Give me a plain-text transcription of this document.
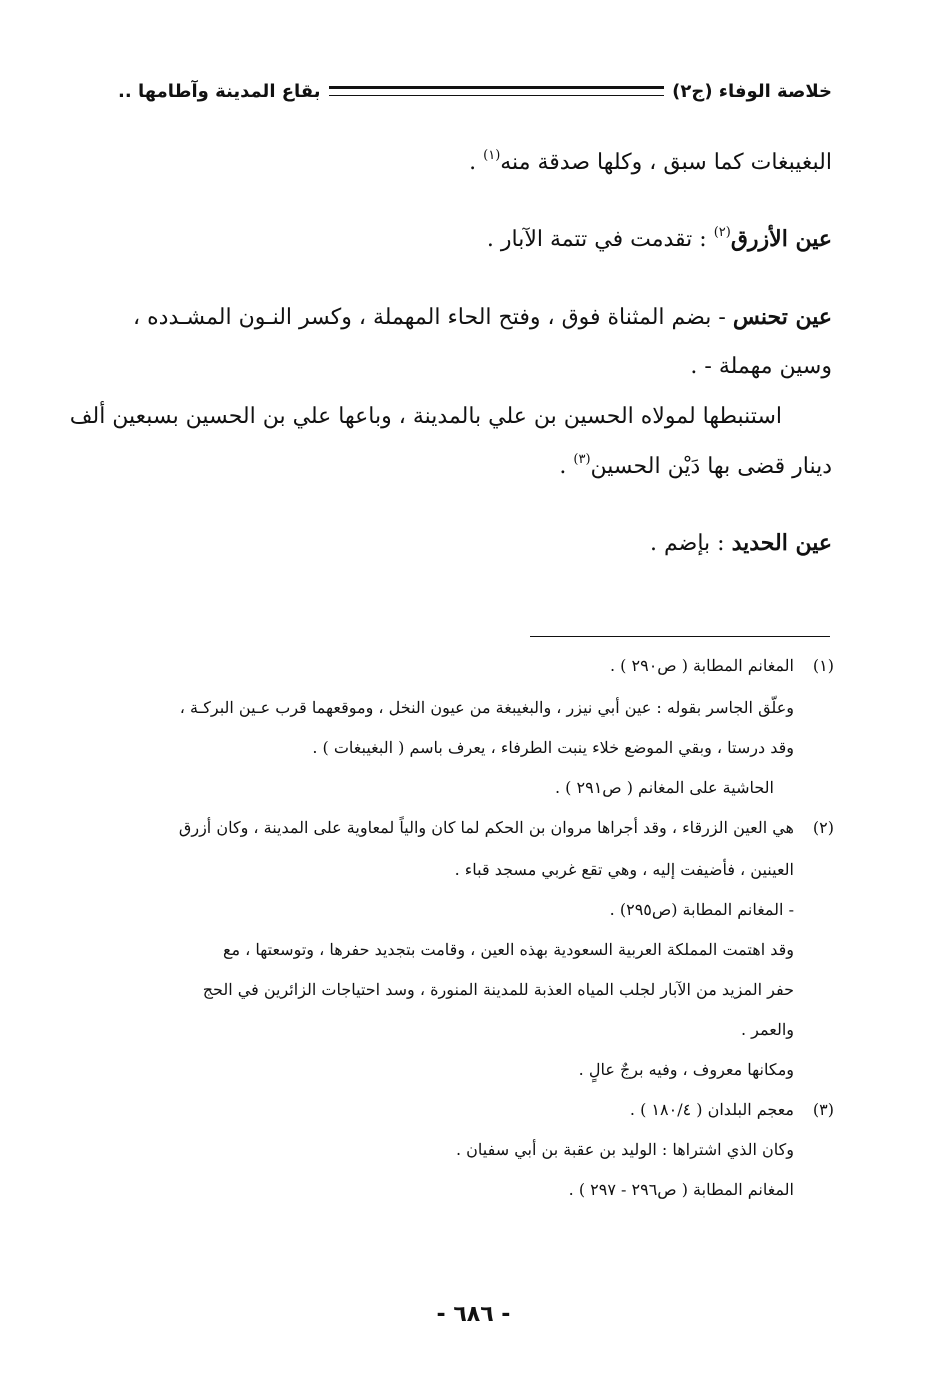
خلاصة الوفاء (ج٢)
بقاع المدينة وآطامها ..
البغيبغات كما سبق ، وكلها صدقة منه$^{(١)}$ .
عين الأزرق$^{(٢)}$ : تقدمت في تتمة الآبار .
عين تحنس - بضم المثناة فوق ، وفتح الحاء المهملة ، وكسر النـون المشـدده ،
وسين مهملة - .
استنبطها لمولاه الحسين بن علي بالمدينة ، وباعها علي بن الحسين بسبعين ألف
دينار قضى بها دَيْن الحسين$^{(٣)}$ .
عين الحديد : بإضم .
(١)
المغانم المطابة ( ص٢٩٠ ) .
وعلّق الجاسر بقوله : عين أبي نيزر ، والبغيبغة من عيون النخل ، وموقعهما قرب عـين البركـة ،
وقد درستا ، وبقي الموضع خلاء ينبت الطرفاء ، يعرف باسم ( البغيبغات ) .
الحاشية على المغانم ( ص٢٩١ ) .
(٢)
هي العين الزرقاء ، وقد أجراها مروان بن الحكم لما كان والياً لمعاوية على المدينة ، وكان أزرق
العينين ، فأضيفت إليه ، وهي تقع غربي مسجد قباء .
- المغانم المطابة (ص٢٩٥) .
وقد اهتمت المملكة العربية السعودية بهذه العين ، وقامت بتجديد حفرها ، وتوسعتها ، مع
حفر المزيد من الآبار لجلب المياه العذبة للمدينة المنورة ، وسد احتياجات الزائرين في الحج
والعمر .
ومكانها معروف ، وفيه برجٌ عالٍ .
(٣)
معجم البلدان ( ١٨٠/٤ ) .
وكان الذي اشتراها : الوليد بن عقبة بن أبي سفيان .
المغانم المطابة ( ص٢٩٦ - ٢٩٧ ) .
- ٦٨٦ -
